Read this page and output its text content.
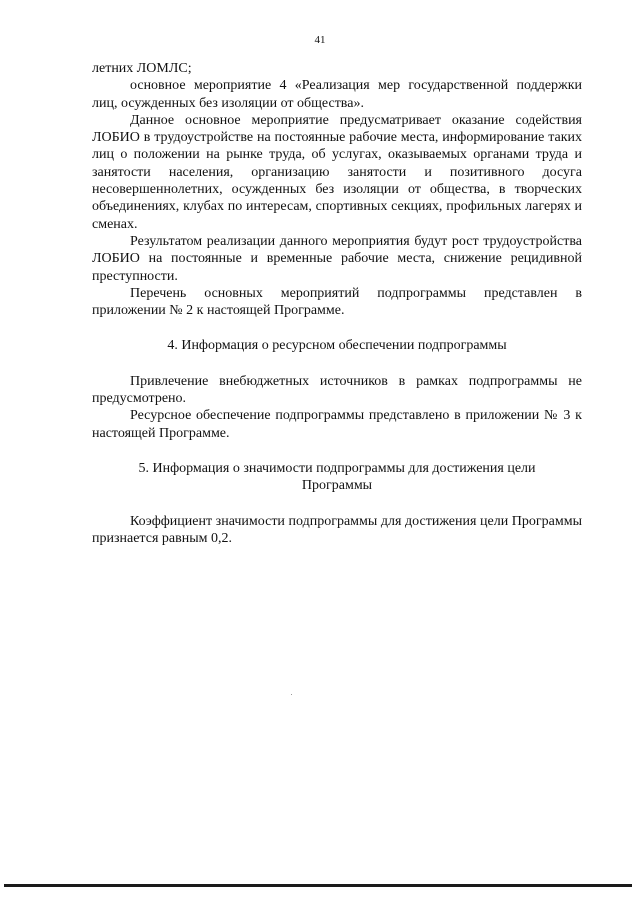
41

летних ЛОМЛС;

основное мероприятие 4 «Реализация мер государственной поддержки лиц, осужденных без изоляции от общества».

Данное основное мероприятие предусматривает оказание содействия ЛОБИО в трудоустройстве на постоянные рабочие места, информирование таких лиц о положении на рынке труда, об услугах, оказываемых органами труда и занятости населения, организацию занятости и позитивного досуга несовершеннолетних, осужденных без изоляции от общества, в творческих объединениях, клубах по интересам, спортивных секциях, профильных лагерях и сменах.

Результатом реализации данного мероприятия будут рост трудоустройства ЛОБИО на постоянные и временные рабочие места, снижение рецидивной преступности.

Перечень основных мероприятий подпрограммы представлен в приложении № 2 к настоящей Программе.

4. Информация о ресурсном обеспечении подпрограммы

Привлечение внебюджетных источников в рамках подпрограммы не предусмотрено.

Ресурсное обеспечение подпрограммы представлено в приложении № 3 к настоящей Программе.

5. Информация о значимости подпрограммы для достижения цели

Программы

Коэффициент значимости подпрограммы для достижения цели Программы признается равным 0,2.
